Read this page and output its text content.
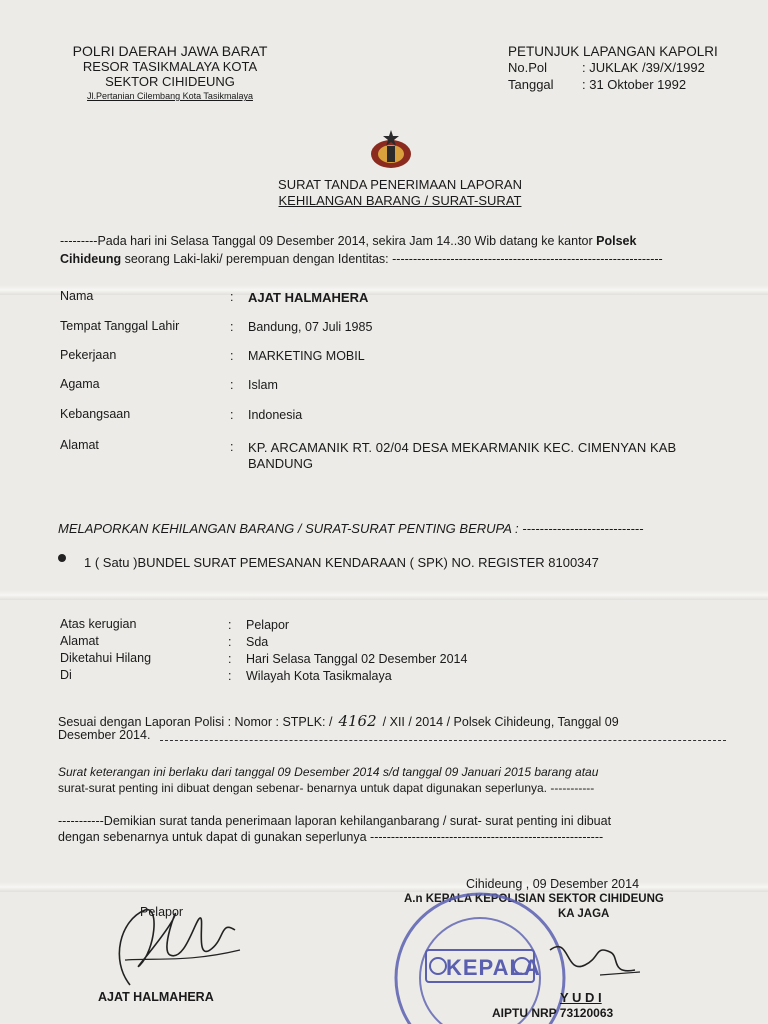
POLRI DAERAH JAWA BARAT
RESOR TASIKMALAYA KOTA
SEKTOR CIHIDEUNG
Jl.Pertanian Cilembang Kota Tasikmalaya
PETUNJUK LAPANGAN KAPOLRI
No.Pol	: JUKLAK /39/X/1992
Tanggal : 31 Oktober 1992
SURAT TANDA PENERIMAAN LAPORAN
KEHILANGAN BARANG / SURAT-SURAT
---------Pada hari ini Selasa Tanggal 09 Desember 2014, sekira Jam 14..30 Wib datang ke kantor Polsek
Cihideung seorang Laki-laki/ perempuan dengan Identitas: -----------------------------------------------------------------
Nama	: AJAT HALMAHERA
Tempat Tanggal Lahir	: Bandung, 07 Juli 1985
Pekerjaan	: MARKETING MOBIL
Agama	: Islam
Kebangsaan	: Indonesia
Alamat	: KP. ARCAMANIK RT. 02/04 DESA MEKARMANIK KEC. CIMENYAN KAB
BANDUNG
MELAPORKAN KEHILANGAN BARANG / SURAT-SURAT PENTING BERUPA : ----------------------------
1 ( Satu )BUNDEL SURAT PEMESANAN KENDARAAN ( SPK) NO. REGISTER 8100347
Atas kerugian	: Pelapor
Alamat	: Sda
Diketahui Hilang	: Hari Selasa Tanggal 02 Desember 2014
Di	: Wilayah Kota Tasikmalaya
Sesuai dengan Laporan Polisi : Nomor : STPLK: / 4162 / XII / 2014 / Polsek Cihideung, Tanggal 09
Desember 2014.
Surat keterangan ini berlaku dari tanggal 09 Desember 2014 s/d tanggal 09 Januari 2015 barang atau
surat-surat penting ini dibuat dengan sebenar- benarnya untuk dapat digunakan seperlunya. -----------
-----------Demikian surat tanda penerimaan laporan kehilanganbarang / surat- surat penting ini dibuat
dengan sebenarnya untuk dapat di gunakan seperlunya --------------------------------------------------------
Cihideung , 09 Desember 2014
A.n KEPALA KEPOLISIAN SEKTOR CIHIDEUNG
KA JAGA
Pelapor
AJAT HALMAHERA
KEPALA
Y U D I
AIPTU NRP 73120063
